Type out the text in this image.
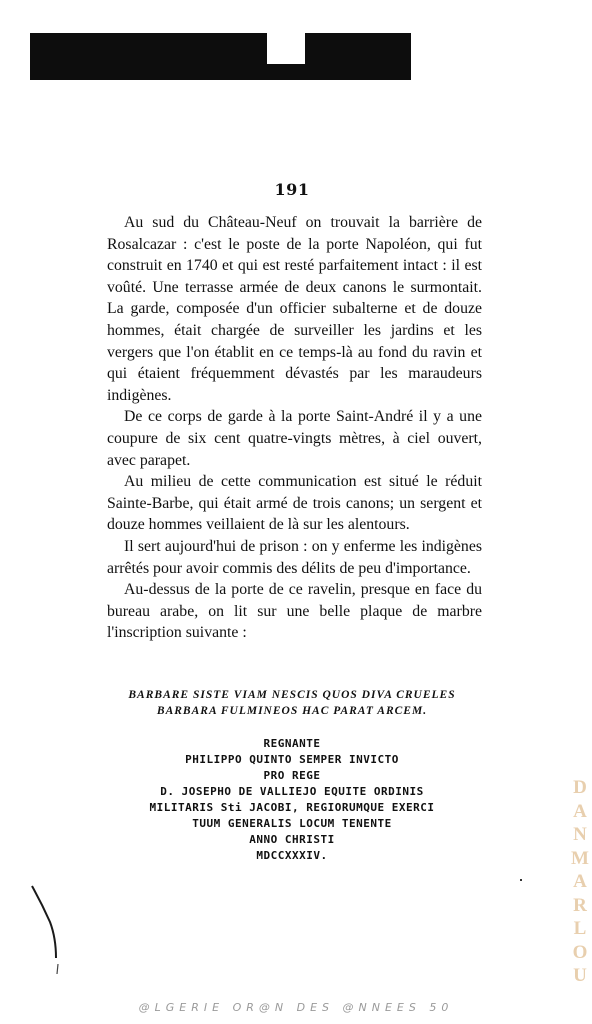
191

Au sud du Château-Neuf on trouvait la barrière de Rosalcazar : c'est le poste de la porte Napoléon, qui fut construit en 1740 et qui est resté parfaitement intact : il est voûté. Une terrasse armée de deux canons le surmontait. La garde, composée d'un officier subalterne et de douze hommes, était chargée de surveiller les jardins et les vergers que l'on établit en ce temps-là au fond du ravin et qui étaient fréquemment dévastés par les maraudeurs indigènes.

De ce corps de garde à la porte Saint-André il y a une coupure de six cent quatre-vingts mètres, à ciel ouvert, avec parapet.

Au milieu de cette communication est situé le réduit Sainte-Barbe, qui était armé de trois canons; un sergent et douze hommes veillaient de là sur les alentours.

Il sert aujourd'hui de prison : on y enferme les indigènes arrêtés pour avoir commis des délits de peu d'importance.

Au-dessus de la porte de ce ravelin, presque en face du bureau arabe, on lit sur une belle plaque de marbre l'inscription suivante :

BARBARE SISTE VIAM NESCIS QUOS DIVA CRUELES
BARBARA FULMINEOS HAC PARAT ARCEM.
REGNANTE
PHILIPPO QUINTO SEMPER INVICTO
PRO REGE
D. JOSEPHO DE VALLIEJO EQUITE ORDINIS
MILITARIS Sti JACOBI, REGIORUMQUE EXERCI
TUUM GENERALIS LOCUM TENENTE
ANNO CHRISTI
MDCCXXXIV.
D
A
N
M
A
R
L
O
U
@LGERIE OR@N DES @NNEES 50
